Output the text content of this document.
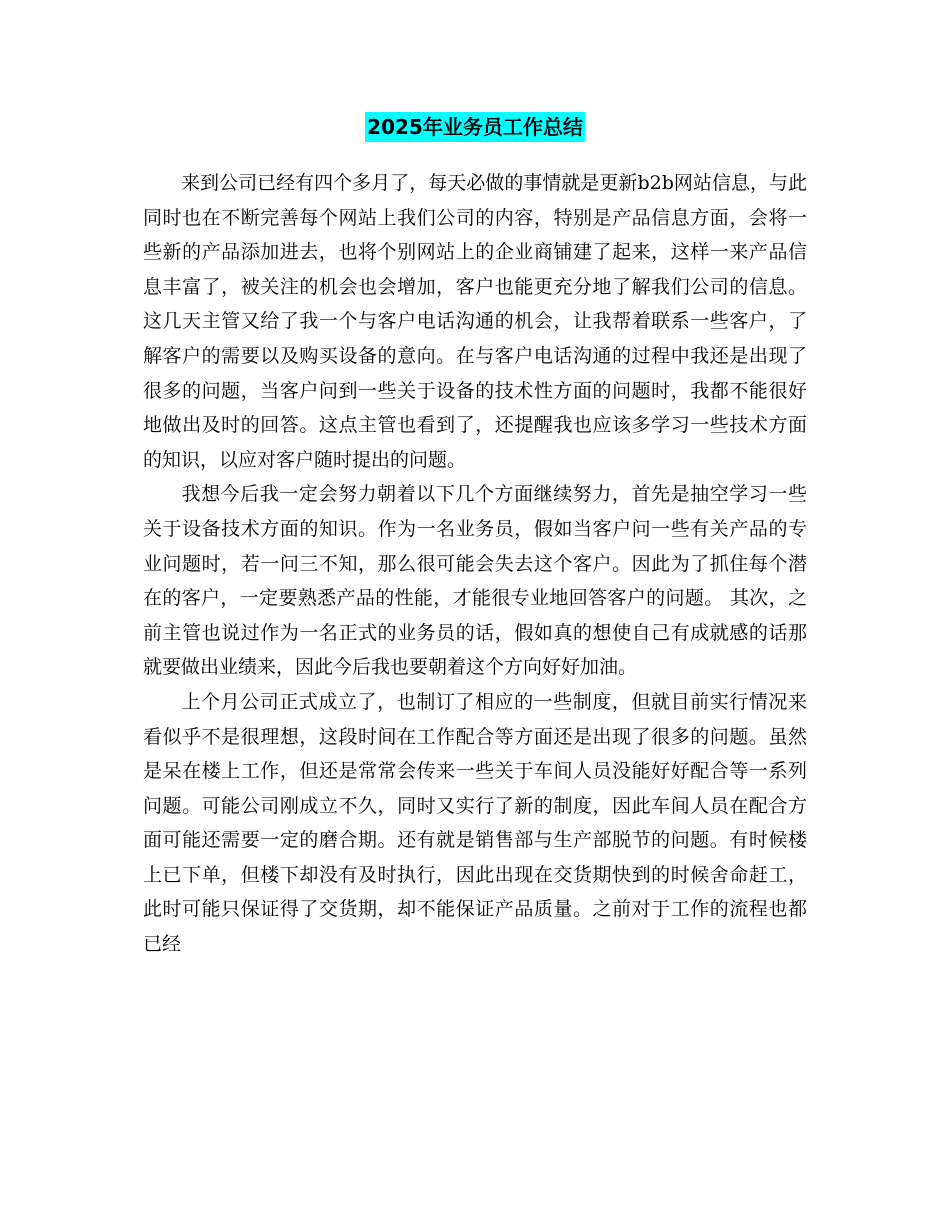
2025年业务员工作总结

来到公司已经有四个多月了，每天必做的事情就是更新b2b网站信息，与此同时也在不断完善每个网站上我们公司的内容，特别是产品信息方面，会将一些新的产品添加进去，也将个别网站上的企业商铺建了起来，这样一来产品信息丰富了，被关注的机会也会增加，客户也能更充分地了解我们公司的信息。这几天主管又给了我一个与客户电话沟通的机会，让我帮着联系一些客户，了解客户的需要以及购买设备的意向。在与客户电话沟通的过程中我还是出现了很多的问题，当客户问到一些关于设备的技术性方面的问题时，我都不能很好地做出及时的回答。这点主管也看到了，还提醒我也应该多学习一些技术方面的知识，以应对客户随时提出的问题。

我想今后我一定会努力朝着以下几个方面继续努力，首先是抽空学习一些关于设备技术方面的知识。作为一名业务员，假如当客户问一些有关产品的专业问题时，若一问三不知，那么很可能会失去这个客户。因此为了抓住每个潜在的客户，一定要熟悉产品的性能，才能很专业地回答客户的问题。 其次，之前主管也说过作为一名正式的业务员的话，假如真的想使自己有成就感的话那就要做出业绩来，因此今后我也要朝着这个方向好好加油。

上个月公司正式成立了，也制订了相应的一些制度，但就目前实行情况来看似乎不是很理想，这段时间在工作配合等方面还是出现了很多的问题。虽然是呆在楼上工作，但还是常常会传来一些关于车间人员没能好好配合等一系列问题。可能公司刚成立不久，同时又实行了新的制度，因此车间人员在配合方面可能还需要一定的磨合期。还有就是销售部与生产部脱节的问题。有时候楼上已下单，但楼下却没有及时执行，因此出现在交货期快到的时候舍命赶工，此时可能只保证得了交货期，却不能保证产品质量。之前对于工作的流程也都已经
